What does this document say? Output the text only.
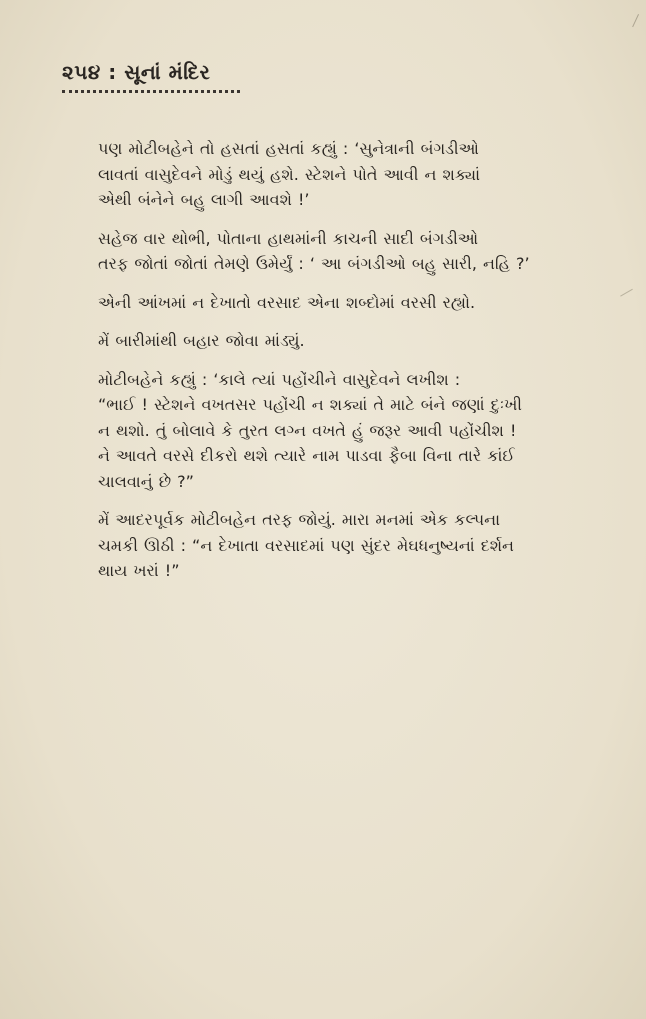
૨૫૪ : સૂનાં મંદિર

પણ મોટીબહેને તો હસતાં હસતાં કહ્યું : ‘સુનેત્રાની બંગડીઓ
લાવતાં વાસુદેવને મોડું થયું હશે. સ્ટેશને પોતે આવી ન શક્યાં
એથી બંનેને બહુ લાગી આવશે !’

સહેજ વાર થોભી, પોતાના હાથમાંની કાચની સાદી બંગડીઓ
તરફ જોતાં જોતાં તેમણે ઉમેર્યું : ‘ આ બંગડીઓ બહુ સારી, નહિ ?’

એની આંખમાં ન દેખાતો વરસાદ એના શબ્દોમાં વરસી રહ્યો.

મેં બારીમાંથી બહાર જોવા માંડ્યું.

મોટીબહેને કહ્યું : ‘કાલે ત્યાં પહોંચીને વાસુદેવને લખીશ :
“ભાઈ ! સ્ટેશને વખતસર પહોંચી ન શક્યાં તે માટે બંને જણાં દુઃખી
ન થશો. તું બોલાવે કે તુરત લગ્ન વખતે હું જરૂર આવી પહોંચીશ !
ને આવતે વરસે દીકરો થશે ત્યારે નામ પાડવા ફૈબા વિના તારે કાંઈ
ચાલવાનું છે ?”

મેં આદરપૂર્વક મોટીબહેન તરફ જોયું. મારા મનમાં એક કલ્પના
ચમકી ઊઠી : “ન દેખાતા વરસાદમાં પણ સુંદર મેઘધનુષ્યનાં દર્શન
થાય ખરાં !”
